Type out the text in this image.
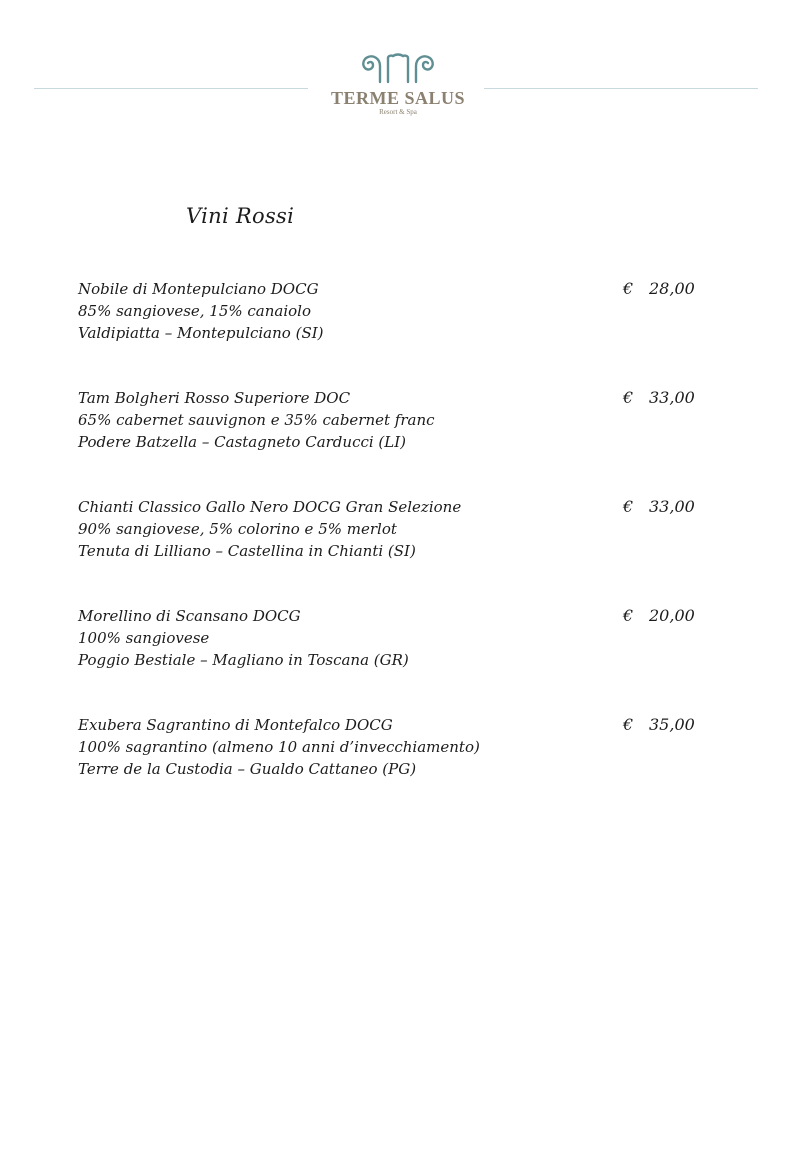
TERME SALUS
Resort & Spa
Vini Rossi
Nobile di Montepulciano DOCG
85% sangiovese, 15% canaiolo
Valdipiatta – Montepulciano (SI)
€ 28,00
Tam Bolgheri Rosso Superiore DOC
65% cabernet sauvignon e 35% cabernet franc
Podere Batzella – Castagneto Carducci (LI)
€ 33,00
Chianti Classico Gallo Nero DOCG Gran Selezione
90% sangiovese, 5% colorino e 5% merlot
Tenuta di Lilliano – Castellina in Chianti (SI)
€ 33,00
Morellino di Scansano DOCG
100% sangiovese
Poggio Bestiale – Magliano in Toscana (GR)
€ 20,00
Exubera Sagrantino di Montefalco DOCG
100% sagrantino (almeno 10 anni d’invecchiamento)
Terre de la Custodia – Gualdo Cattaneo (PG)
€ 35,00
